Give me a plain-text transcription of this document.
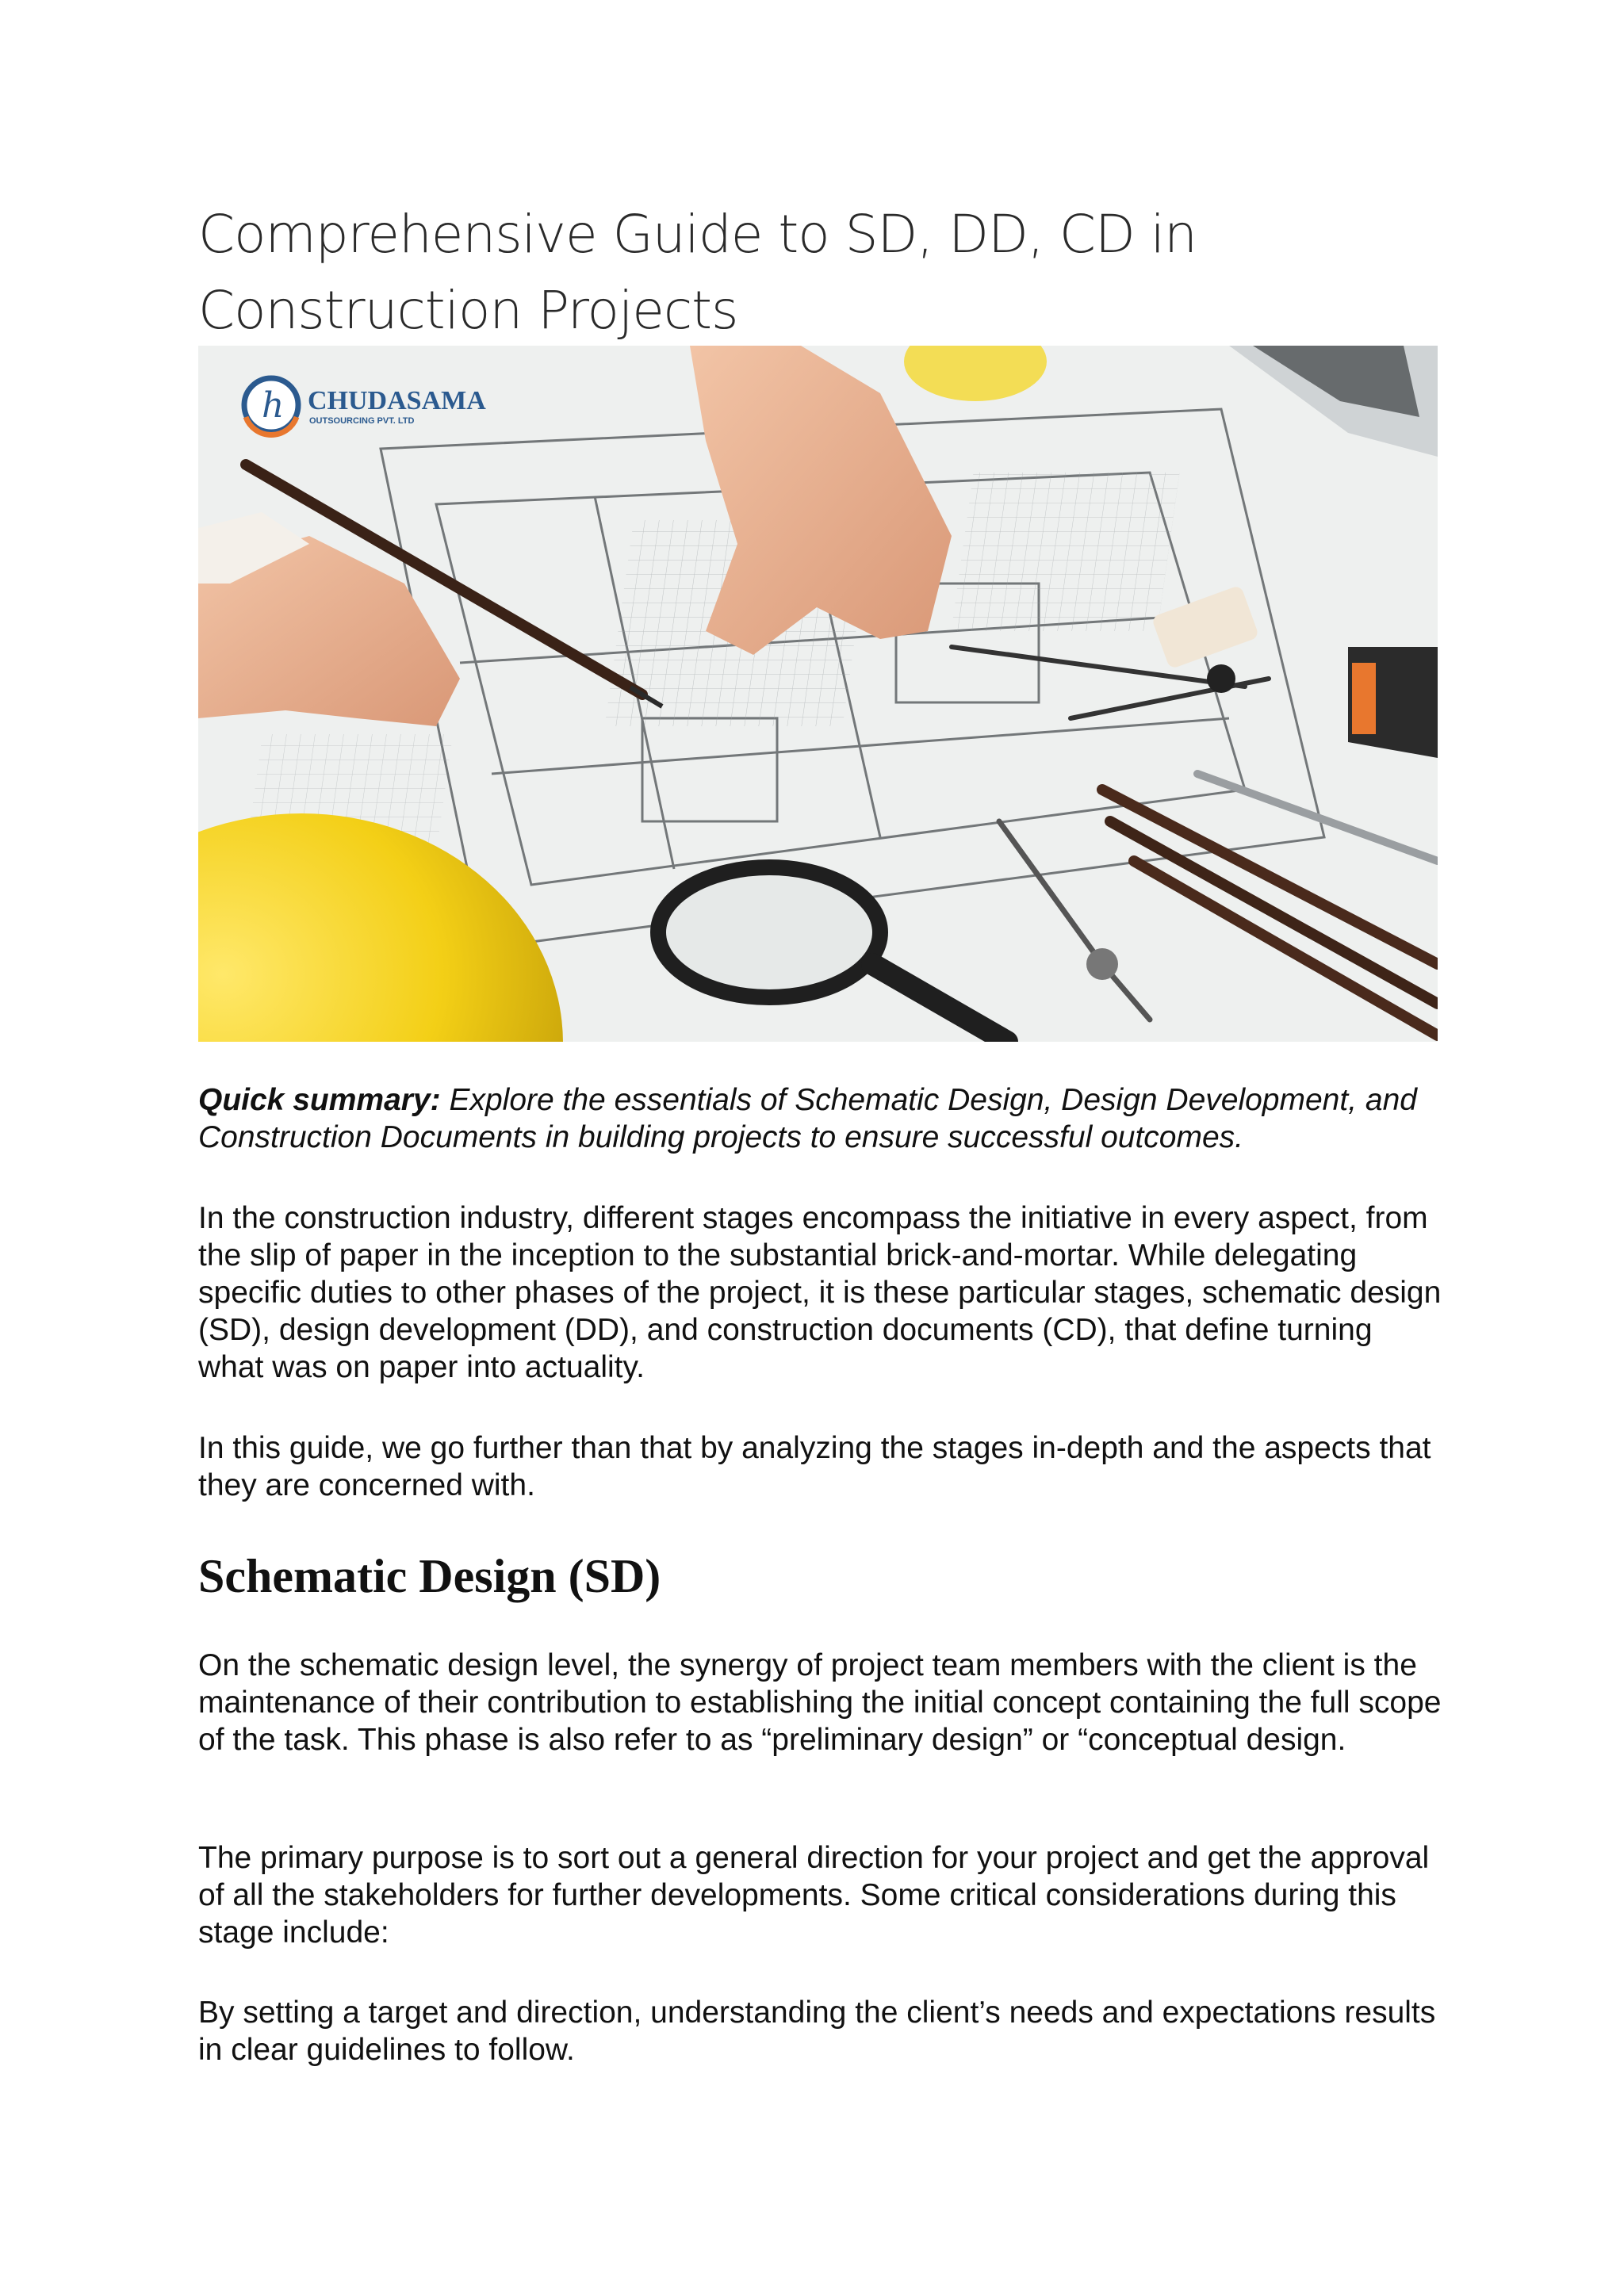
Comprehensive Guide to SD, DD, CD in Construction Projects
h CHUDASAMA
OUTSOURCING PVT. LTD

Quick summary: Explore the essentials of Schematic Design, Design Development, and Construction Documents in building projects to ensure successful outcomes.

In the construction industry, different stages encompass the initiative in every aspect, from the slip of paper in the inception to the substantial brick-and-mortar. While delegating specific duties to other phases of the project, it is these particular stages, schematic design (SD), design development (DD), and construction documents (CD), that define turning what was on paper into actuality.

In this guide, we go further than that by analyzing the stages in-depth and the aspects that they are concerned with.

Schematic Design (SD)

On the schematic design level, the synergy of project team members with the client is the maintenance of their contribution to establishing the initial concept containing the full scope of the task. This phase is also refer to as “preliminary design” or “conceptual design.

The primary purpose is to sort out a general direction for your project and get the approval of all the stakeholders for further developments. Some critical considerations during this stage include:

By setting a target and direction, understanding the client’s needs and expectations results in clear guidelines to follow.
